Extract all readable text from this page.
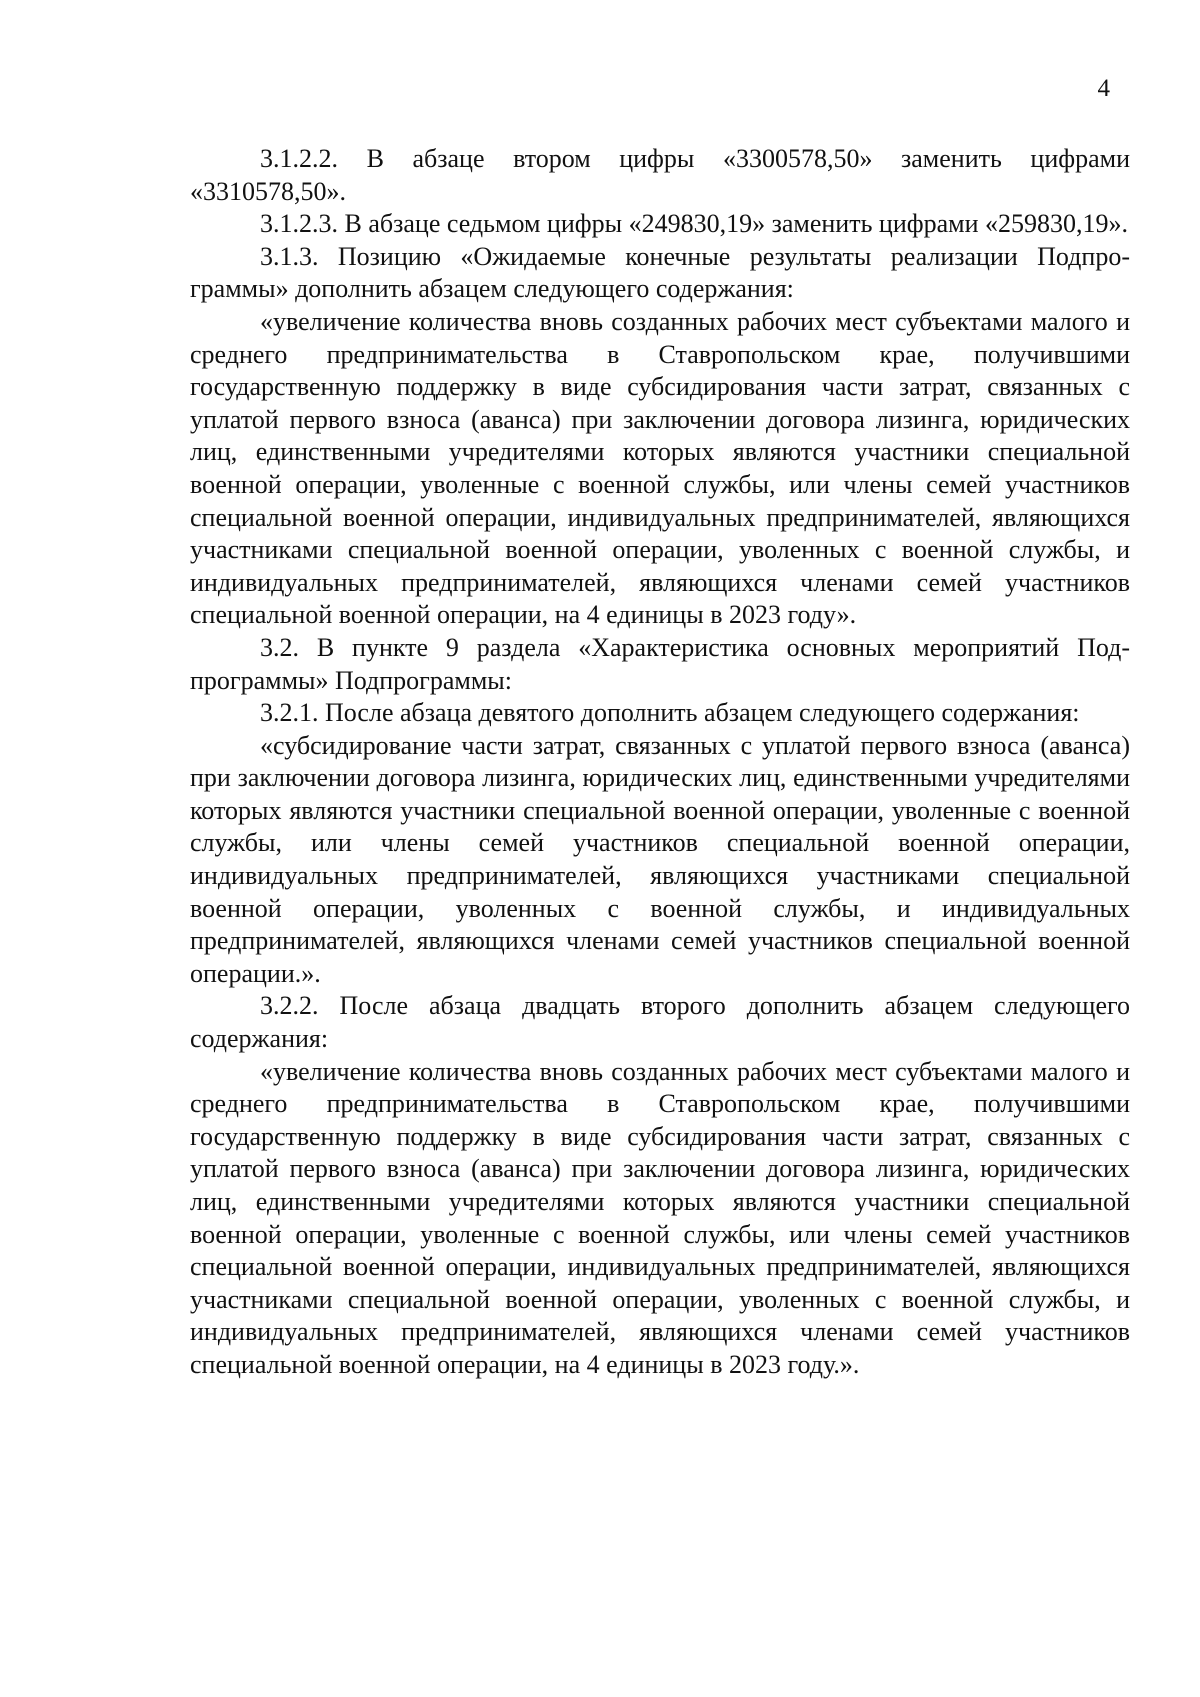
4

3.1.2.2. В абзаце втором цифры «3300578,50» заменить цифрами «3310578,50».

3.1.2.3. В абзаце седьмом цифры «249830,19» заменить цифрами «259830,19».

3.1.3. Позицию «Ожидаемые конечные результаты реализации Подпрограммы» дополнить абзацем следующего содержания:

«увеличение количества вновь созданных рабочих мест субъектами малого и среднего предпринимательства в Ставропольском крае, получившими государственную поддержку в виде субсидирования части затрат, связанных с уплатой первого взноса (аванса) при заключении договора лизинга, юридических лиц, единственными учредителями которых являются участники специальной военной операции, уволенные с военной службы, или члены семей участников специальной военной операции, индивидуальных предпринимателей, являющихся участниками специальной военной операции, уволенных с военной службы, и индивидуальных предпринимателей, являющихся членами семей участников специальной военной операции, на 4 единицы в 2023 году».

3.2. В пункте 9 раздела «Характеристика основных мероприятий Подпрограммы» Подпрограммы:

3.2.1. После абзаца девятого дополнить абзацем следующего содержания:

«субсидирование части затрат, связанных с уплатой первого взноса (аванса) при заключении договора лизинга, юридических лиц, единственными учредителями которых являются участники специальной военной операции, уволенные с военной службы, или члены семей участников специальной военной операции, индивидуальных предпринимателей, являющихся участниками специальной военной операции, уволенных с военной службы, и индивидуальных предпринимателей, являющихся членами семей участников специальной военной операции.».

3.2.2. После абзаца двадцать второго дополнить абзацем следующего содержания:

«увеличение количества вновь созданных рабочих мест субъектами малого и среднего предпринимательства в Ставропольском крае, получившими государственную поддержку в виде субсидирования части затрат, связанных с уплатой первого взноса (аванса) при заключении договора лизинга, юридических лиц, единственными учредителями которых являются участники специальной военной операции, уволенные с военной службы, или члены семей участников специальной военной операции, индивидуальных предпринимателей, являющихся участниками специальной военной операции, уволенных с военной службы, и индивидуальных предпринимателей, являющихся членами семей участников специальной военной операции, на 4 единицы в 2023 году.».
